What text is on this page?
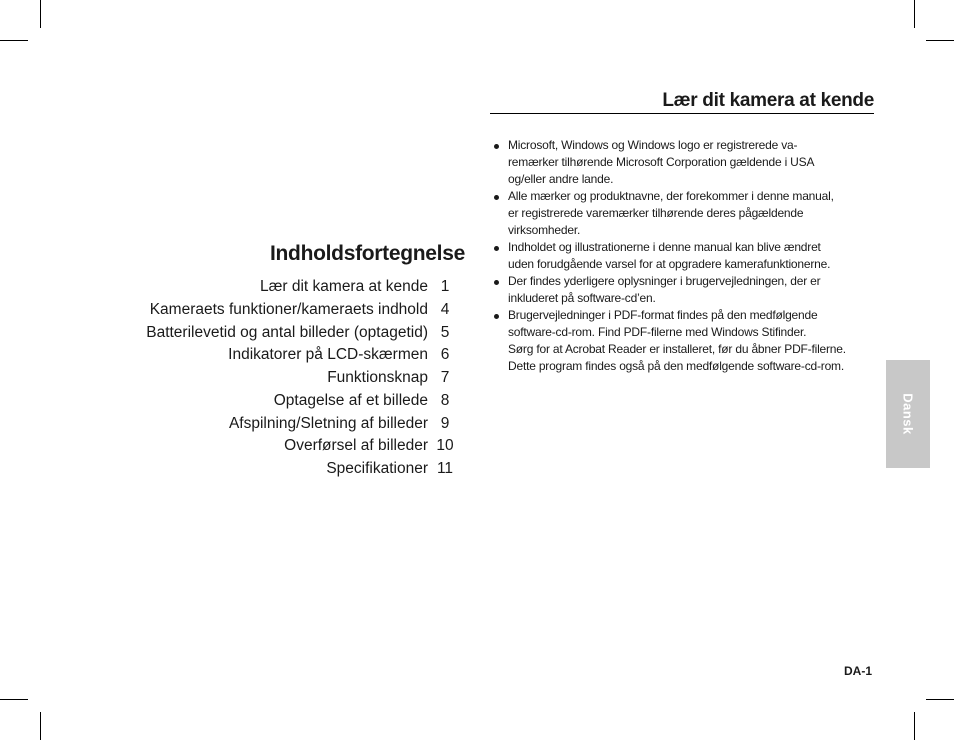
Indholdsfortegnelse
Lær dit kamera at kende 1
Kameraets funktioner/kameraets indhold 4
Batterilevetid og antal billeder (optagetid) 5
Indikatorer på LCD-skærmen 6
Funktionsknap 7
Optagelse af et billede 8
Afspilning/Sletning af billeder 9
Overførsel af billeder 10
Specifikationer 11
Lær dit kamera at kende
Microsoft, Windows og Windows logo er registrerede va-
remærker tilhørende Microsoft Corporation gældende i USA
og/eller andre lande.
Alle mærker og produktnavne, der forekommer i denne manual,
er registrerede varemærker tilhørende deres pågældende
virksomheder.
Indholdet og illustrationerne i denne manual kan blive ændret
uden forudgående varsel for at opgradere kamerafunktionerne.
Der findes yderligere oplysninger i brugervejledningen, der er
inkluderet på software-cd’en.
Brugervejledninger i PDF-format findes på den medfølgende
software-cd-rom. Find PDF-filerne med Windows Stifinder.
Sørg for at Acrobat Reader er installeret, før du åbner PDF-filerne.
Dette program findes også på den medfølgende software-cd-rom.
Dansk
DA-1
